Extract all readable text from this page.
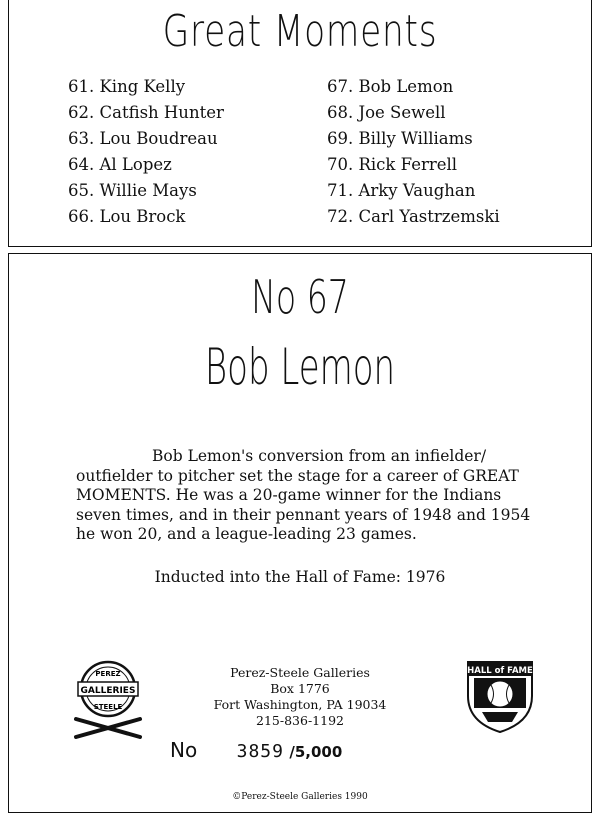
Great Moments
61. King Kelly
62. Catfish Hunter
63. Lou Boudreau
64. Al Lopez
65. Willie Mays
66. Lou Brock
67. Bob Lemon
68. Joe Sewell
69. Billy Williams
70. Rick Ferrell
71. Arky Vaughan
72. Carl Yastrzemski
No 67
Bob Lemon
Bob Lemon's conversion from an infielder/ outfielder to pitcher set the stage for a career of GREAT MOMENTS. He was a 20-game winner for the Indians seven times, and in their pennant years of 1948 and 1954 he won 20, and a league-leading 23 games.
Inducted into the Hall of Fame: 1976
PEREZ
GALLERIES
STEELE
Perez-Steele Galleries
Box 1776
Fort Washington, PA 19034
215-836-1192
HALL of FAME
No 3859 /5,000
©Perez-Steele Galleries 1990
